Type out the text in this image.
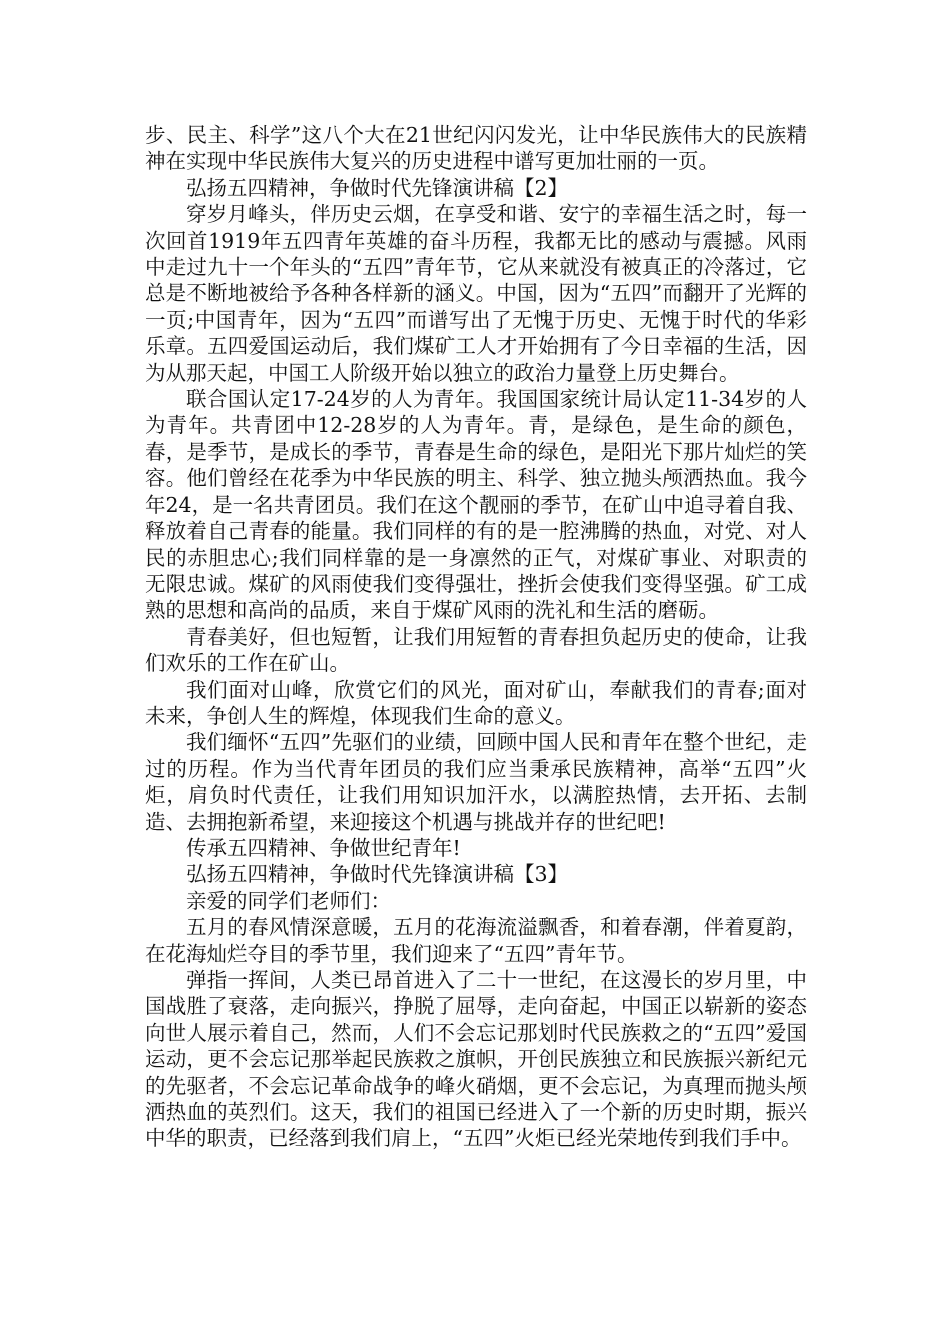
步、民主、科学”这八个大在21世纪闪闪发光，让中华民族伟大的民族精神在实现中华民族伟大复兴的历史进程中谱写更加壮丽的一页。

弘扬五四精神，争做时代先锋演讲稿【2】

穿岁月峰头，伴历史云烟，在享受和谐、安宁的幸福生活之时，每一次回首1919年五四青年英雄的奋斗历程，我都无比的感动与震撼。风雨中走过九十一个年头的“五四”青年节，它从来就没有被真正的冷落过，它总是不断地被给予各种各样新的涵义。中国，因为“五四”而翻开了光辉的一页;中国青年，因为“五四”而谱写出了无愧于历史、无愧于时代的华彩乐章。五四爱国运动后，我们煤矿工人才开始拥有了今日幸福的生活，因为从那天起，中国工人阶级开始以独立的政治力量登上历史舞台。

联合国认定17-24岁的人为青年。我国国家统计局认定11-34岁的人为青年。共青团中12-28岁的人为青年。青，是绿色，是生命的颜色，春，是季节，是成长的季节，青春是生命的绿色，是阳光下那片灿烂的笑容。他们曾经在花季为中华民族的明主、科学、独立抛头颅洒热血。我今年24，是一名共青团员。我们在这个靓丽的季节，在矿山中追寻着自我、释放着自己青春的能量。我们同样的有的是一腔沸腾的热血，对党、对人民的赤胆忠心;我们同样靠的是一身凛然的正气，对煤矿事业、对职责的无限忠诚。煤矿的风雨使我们变得强壮，挫折会使我们变得坚强。矿工成熟的思想和高尚的品质，来自于煤矿风雨的洗礼和生活的磨砺。

青春美好，但也短暂，让我们用短暂的青春担负起历史的使命，让我们欢乐的工作在矿山。

我们面对山峰，欣赏它们的风光，面对矿山，奉献我们的青春;面对未来，争创人生的辉煌，体现我们生命的意义。

我们缅怀“五四”先驱们的业绩，回顾中国人民和青年在整个世纪，走过的历程。作为当代青年团员的我们应当秉承民族精神，高举“五四”火炬，肩负时代责任，让我们用知识加汗水，以满腔热情，去开拓、去制造、去拥抱新希望，来迎接这个机遇与挑战并存的世纪吧!

传承五四精神、争做世纪青年!

弘扬五四精神，争做时代先锋演讲稿【3】

亲爱的同学们老师们：

五月的春风情深意暖，五月的花海流溢飘香，和着春潮，伴着夏韵，在花海灿烂夺目的季节里，我们迎来了“五四”青年节。

弹指一挥间，人类已昂首进入了二十一世纪，在这漫长的岁月里，中国战胜了衰落，走向振兴，挣脱了屈辱，走向奋起，中国正以崭新的姿态向世人展示着自己，然而，人们不会忘记那划时代民族救之的“五四”爱国运动，更不会忘记那举起民族救之旗帜，开创民族独立和民族振兴新纪元的先驱者，不会忘记革命战争的峰火硝烟，更不会忘记，为真理而抛头颅洒热血的英烈们。这天，我们的祖国已经进入了一个新的历史时期，振兴中华的职责，已经落到我们肩上，“五四”火炬已经光荣地传到我们手中。
